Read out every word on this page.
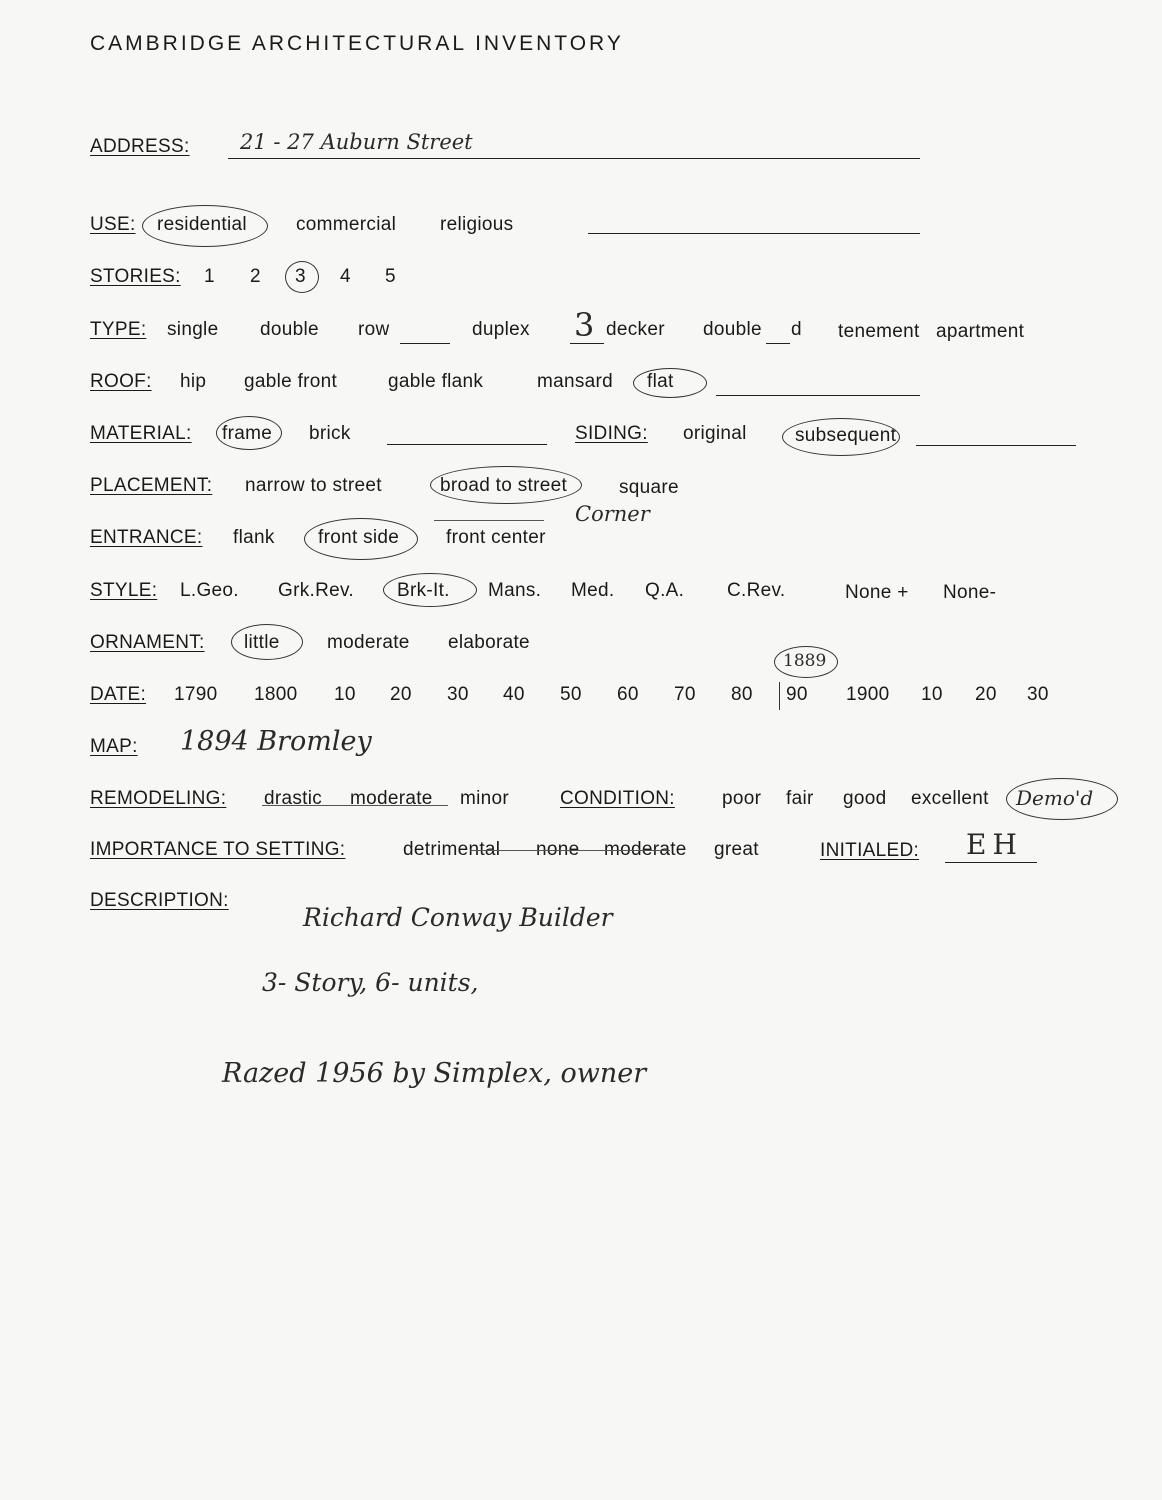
CAMBRIDGE ARCHITECTURAL INVENTORY
ADDRESS: 21 - 27 Auburn Street
USE: residential	commercial religious
STORIES: 1 2 3 4 5
TYPE: single double row	duplex 3 decker double d tenement apartment
ROOF: hip gable front	gable flank	mansard flat
MATERIAL: frame brick	SIDING: original	subsequent
PLACEMENT: narrow to street	broad to street	square
ENTRANCE: flank front side front center
Corner
STYLE: L.Geo. Grk.Rev. Brk-It. Mans. Med. Q.A. C.Rev.	None + None-
ORNAMENT: little moderate elaborate
1889
DATE: 1790 1800 10 20 30 40 50 60 70 80 90 1900 10 20 30
MAP: 1894 Bromley
REMODELING: drastic moderate minor	CONDITION: poor fair good excellent Demo'd
IMPORTANCE TO SETTING:	detrimental none moderate great	INITIALED: EH
DESCRIPTION:
Richard Conway Builder
3- Story, 6- units,
Razed 1956 by Simplex, owner
